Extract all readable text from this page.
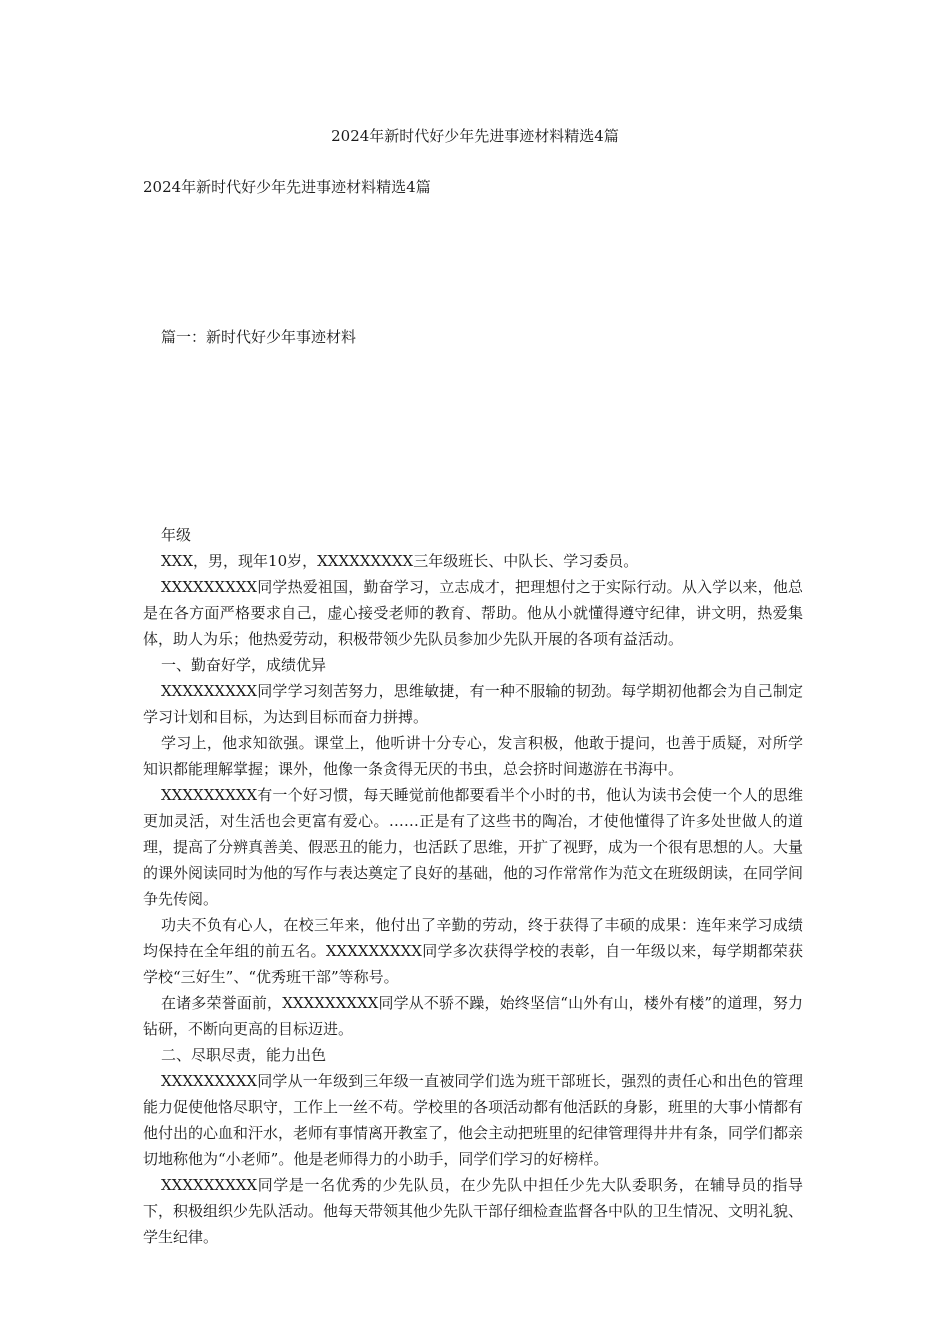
2024年新时代好少年先进事迹材料精选4篇
2024年新时代好少年先进事迹材料精选4篇
篇一：新时代好少年事迹材料

年级

XXX，男，现年10岁，XXXXXXXXX三年级班长、中队长、学习委员。

XXXXXXXXX同学热爱祖国，勤奋学习，立志成才，把理想付之于实际行动。从入学以来，他总是在各方面严格要求自己，虚心接受老师的教育、帮助。他从小就懂得遵守纪律，讲文明，热爱集体，助人为乐；他热爱劳动，积极带领少先队员参加少先队开展的各项有益活动。

一、勤奋好学，成绩优异

XXXXXXXXX同学学习刻苦努力，思维敏捷，有一种不服输的韧劲。每学期初他都会为自己制定学习计划和目标，为达到目标而奋力拼搏。

学习上，他求知欲强。课堂上，他听讲十分专心，发言积极，他敢于提问，也善于质疑，对所学知识都能理解掌握；课外，他像一条贪得无厌的书虫，总会挤时间遨游在书海中。

XXXXXXXXX有一个好习惯，每天睡觉前他都要看半个小时的书，他认为读书会使一个人的思维更加灵活，对生活也会更富有爱心。……正是有了这些书的陶冶，才使他懂得了许多处世做人的道理，提高了分辨真善美、假恶丑的能力，也活跃了思维，开扩了视野，成为一个很有思想的人。大量的课外阅读同时为他的写作与表达奠定了良好的基础，他的习作常常作为范文在班级朗读，在同学间争先传阅。

功夫不负有心人，在校三年来，他付出了辛勤的劳动，终于获得了丰硕的成果：连年来学习成绩均保持在全年组的前五名。XXXXXXXXX同学多次获得学校的表彰，自一年级以来，每学期都荣获学校“三好生”、“优秀班干部”等称号。

在诸多荣誉面前，XXXXXXXXX同学从不骄不躁，始终坚信“山外有山，楼外有楼”的道理，努力钻研，不断向更高的目标迈进。

二、尽职尽责，能力出色

XXXXXXXXX同学从一年级到三年级一直被同学们选为班干部班长，强烈的责任心和出色的管理能力促使他恪尽职守，工作上一丝不苟。学校里的各项活动都有他活跃的身影，班里的大事小情都有他付出的心血和汗水，老师有事情离开教室了，他会主动把班里的纪律管理得井井有条，同学们都亲切地称他为“小老师”。他是老师得力的小助手，同学们学习的好榜样。

XXXXXXXXX同学是一名优秀的少先队员，在少先队中担任少先大队委职务，在辅导员的指导下，积极组织少先队活动。他每天带领其他少先队干部仔细检查监督各中队的卫生情况、文明礼貌、学生纪律。
